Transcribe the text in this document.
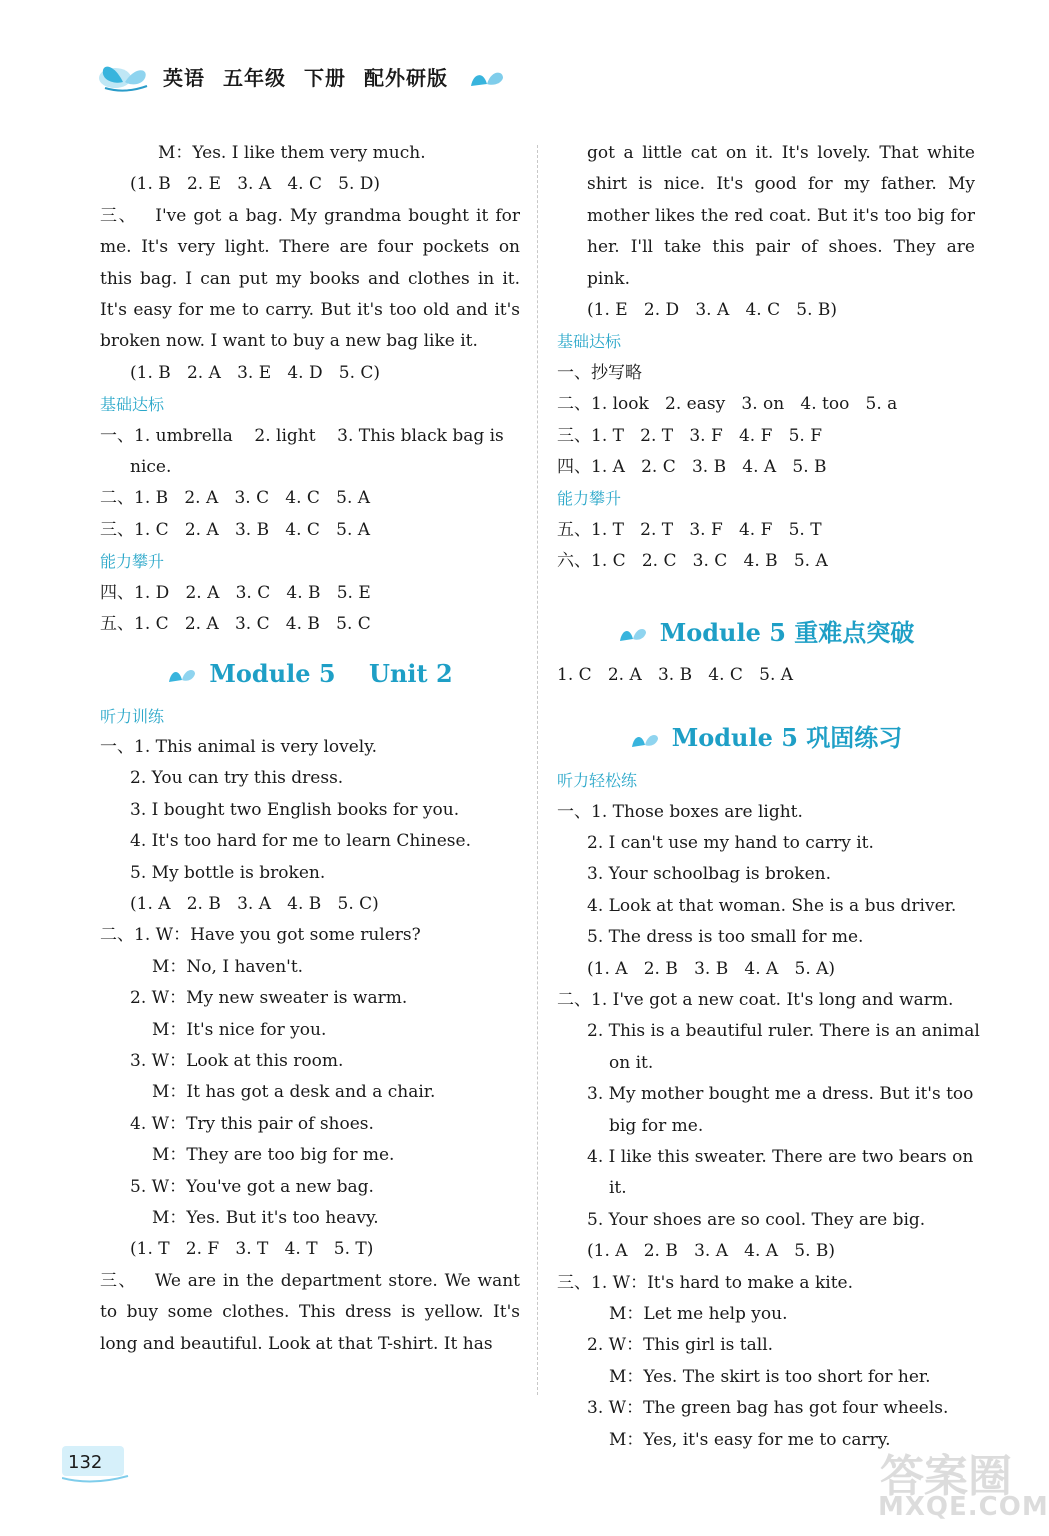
英语 五年级 下册 配外研版
M：Yes. I like them very much.
(1. B   2. E   3. A   4. C   5. D)
三、 I've got a bag. My grandma bought it for me. It's very light. There are four pockets on this bag. I can put my books and clothes in it. It's easy for me to carry. But it's too old and it's broken now. I want to buy a new bag like it.
(1. B   2. A   3. E   4. D   5. C)
基础达标
一、1. umbrella    2. light    3. This black bag is
nice.
二、1. B   2. A   3. C   4. C   5. A
三、1. C   2. A   3. B   4. C   5. A
能力攀升
四、1. D   2. A   3. C   4. B   5. E
五、1. C   2. A   3. C   4. B   5. C
Module 5    Unit 2
听力训练
一、1. This animal is very lovely.
2. You can try this dress.
3. I bought two English books for you.
4. It's too hard for me to learn Chinese.
5. My bottle is broken.
(1. A   2. B   3. A   4. B   5. C)
二、1. W：Have you got some rulers?
M：No, I haven't.
2. W：My new sweater is warm.
M：It's nice for you.
3. W：Look at this room.
M：It has got a desk and a chair.
4. W：Try this pair of shoes.
M：They are too big for me.
5. W：You've got a new bag.
M：Yes. But it's too heavy.
(1. T   2. F   3. T   4. T   5. T)
三、 We are in the department store. We want to buy some clothes. This dress is yellow. It's long and beautiful. Look at that T-shirt. It has
got a little cat on it. It's lovely. That white shirt is nice. It's good for my father. My mother likes the red coat. But it's too big for her. I'll take this pair of shoes. They are pink.
(1. E   2. D   3. A   4. C   5. B)
基础达标
一、抄写略
二、1. look   2. easy   3. on   4. too   5. a
三、1. T   2. T   3. F   4. F   5. F
四、1. A   2. C   3. B   4. A   5. B
能力攀升
五、1. T   2. T   3. F   4. F   5. T
六、1. C   2. C   3. C   4. B   5. A
Module 5 重难点突破
1. C   2. A   3. B   4. C   5. A
Module 5 巩固练习
听力轻松练
一、1. Those boxes are light.
2. I can't use my hand to carry it.
3. Your schoolbag is broken.
4. Look at that woman. She is a bus driver.
5. The dress is too small for me.
(1. A   2. B   3. B   4. A   5. A)
二、1. I've got a new coat. It's long and warm.
2. This is a beautiful ruler. There is an animal
on it.
3. My mother bought me a dress. But it's too
big for me.
4. I like this sweater. There are two bears on
it.
5. Your shoes are so cool. They are big.
(1. A   2. B   3. A   4. A   5. B)
三、1. W：It's hard to make a kite.
M：Let me help you.
2. W：This girl is tall.
M：Yes. The skirt is too short for her.
3. W：The green bag has got four wheels.
M：Yes, it's easy for me to carry.
132	答案圈
MXQE.COM
